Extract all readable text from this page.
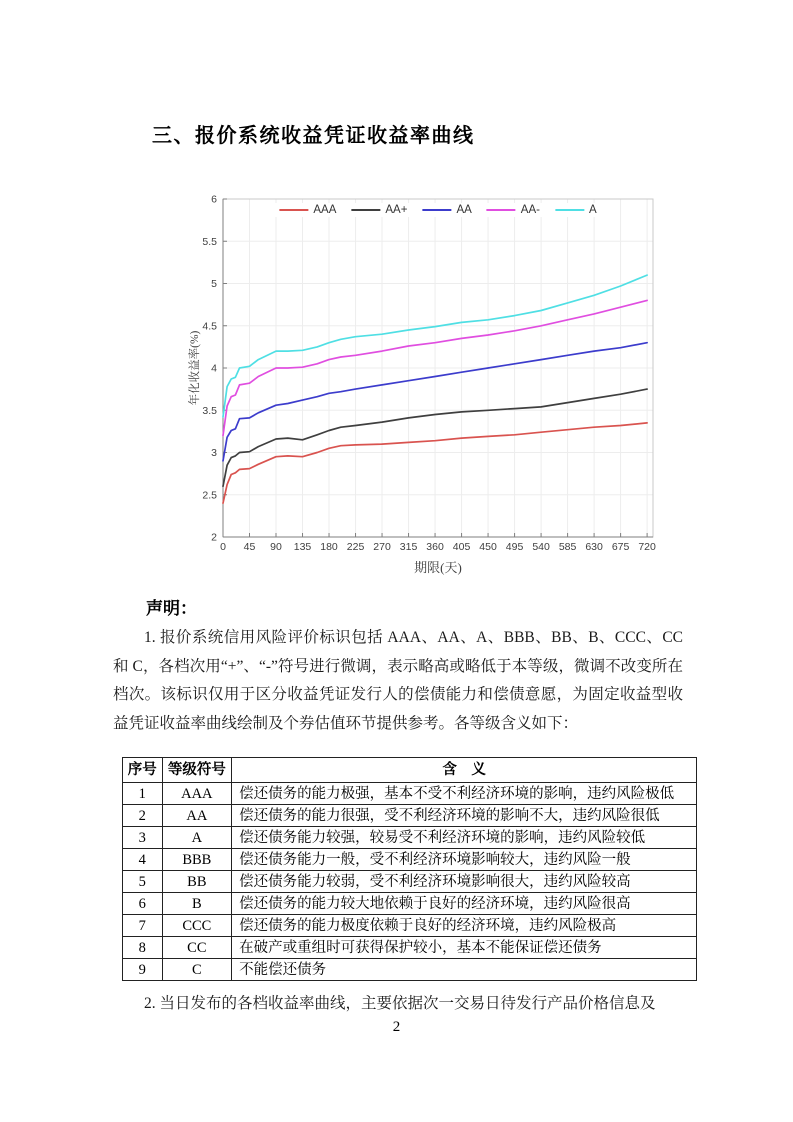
三、报价系统收益凭证收益率曲线
0 45 90 135 180 225 270 315 360 405 450 495 540 585 630 675 720
2
2.5
3
3.5
4
4.5
5
5.5
6
AAA	AA+	AA	AA-	A
年化收益率(%)
期限(天)
声明：

1. 报价系统信用风险评价标识包括 AAA、AA、A、BBB、BB、B、CCC、CC 和 C，各档次用“+”、“-”符号进行微调，表示略高或略低于本等级，微调不改变所在档次。该标识仅用于区分收益凭证发行人的偿债能力和偿债意愿，为固定收益型收益凭证收益率曲线绘制及个券估值环节提供参考。各等级含义如下：

序号	等级符号	含　义
1	AAA	偿还债务的能力极强，基本不受不利经济环境的影响，违约风险极低
2	AA	偿还债务的能力很强，受不利经济环境的影响不大，违约风险很低
3	A	偿还债务能力较强，较易受不利经济环境的影响，违约风险较低
4	BBB	偿还债务能力一般，受不利经济环境影响较大，违约风险一般
5	BB	偿还债务能力较弱，受不利经济环境影响很大，违约风险较高
6	B	偿还债务的能力较大地依赖于良好的经济环境，违约风险很高
7	CCC	偿还债务的能力极度依赖于良好的经济环境，违约风险极高
8	CC	在破产或重组时可获得保护较小，基本不能保证偿还债务
9	C	不能偿还债务

2. 当日发布的各档收益率曲线，主要依据次一交易日待发行产品价格信息及

2
